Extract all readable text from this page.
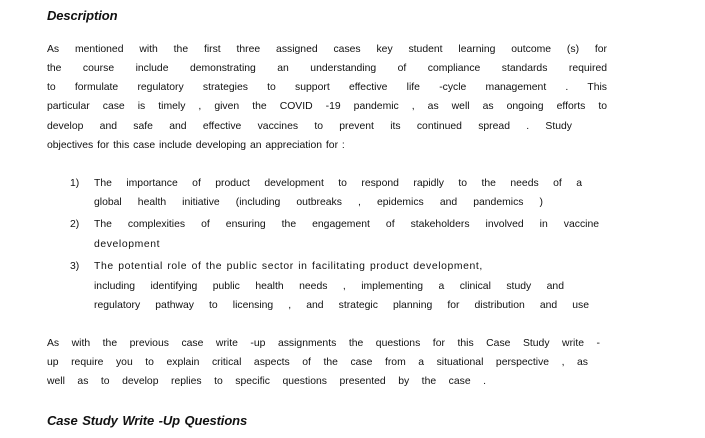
Description
As mentioned with the first three assigned cases key student learning outcome (s) for
the course include demonstrating an understanding of compliance standards required
to formulate regulatory strategies to support effective life -cycle management . This
particular case is timely , given the COVID -19 pandemic , as well as ongoing efforts to
develop and safe and effective vaccines to prevent its continued spread . Study
objectives for this case include developing an appreciation for :
1) The importance of product development to respond rapidly to the needs of a
global health initiative (including outbreaks , epidemics and pandemics )
2) The complexities of ensuring the engagement of stakeholders involved in vaccine
development
3) The potential role of the public sector in facilitating product development,
including identifying public health needs , implementing a clinical study and
regulatory pathway to licensing , and strategic planning for distribution and use
As with the previous case write -up assignments the questions for this Case Study write -
up require you to explain critical aspects of the case from a situational perspective , as
well as to develop replies to specific questions presented by the case .
Case Study Write -Up Questions
